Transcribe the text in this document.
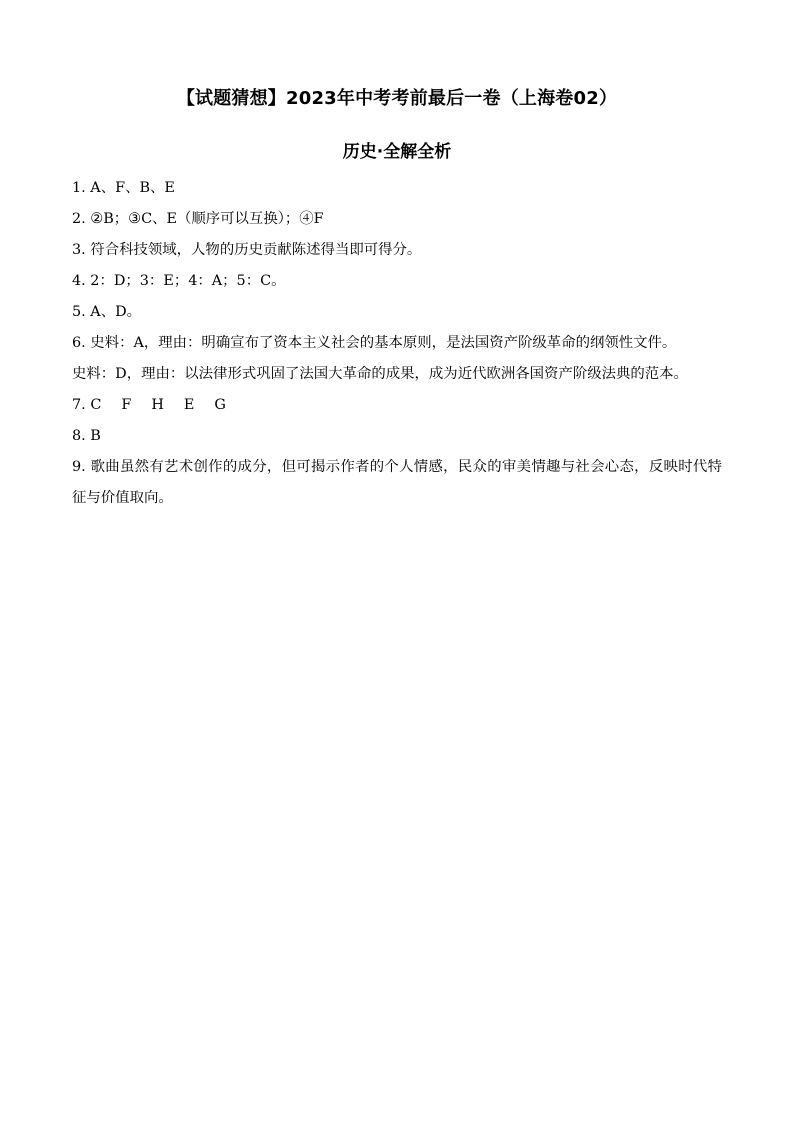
【试题猜想】2023年中考考前最后一卷（上海卷02）
历史·全解全析

1. A、F、B、E

2. ②B；③C、E（顺序可以互换）；④F

3. 符合科技领域，人物的历史贡献陈述得当即可得分。

4. 2：D；3：E；4：A；5：C。

5. A、D。

6. 史料：A，理由：明确宣布了资本主义社会的基本原则，是法国资产阶级革命的纲领性文件。

史料：D，理由：以法律形式巩固了法国大革命的成果，成为近代欧洲各国资产阶级法典的范本。

7. C F H E G

8. B

9. 歌曲虽然有艺术创作的成分，但可揭示作者的个人情感，民众的审美情趣与社会心态，反映时代特征与价值取向。
